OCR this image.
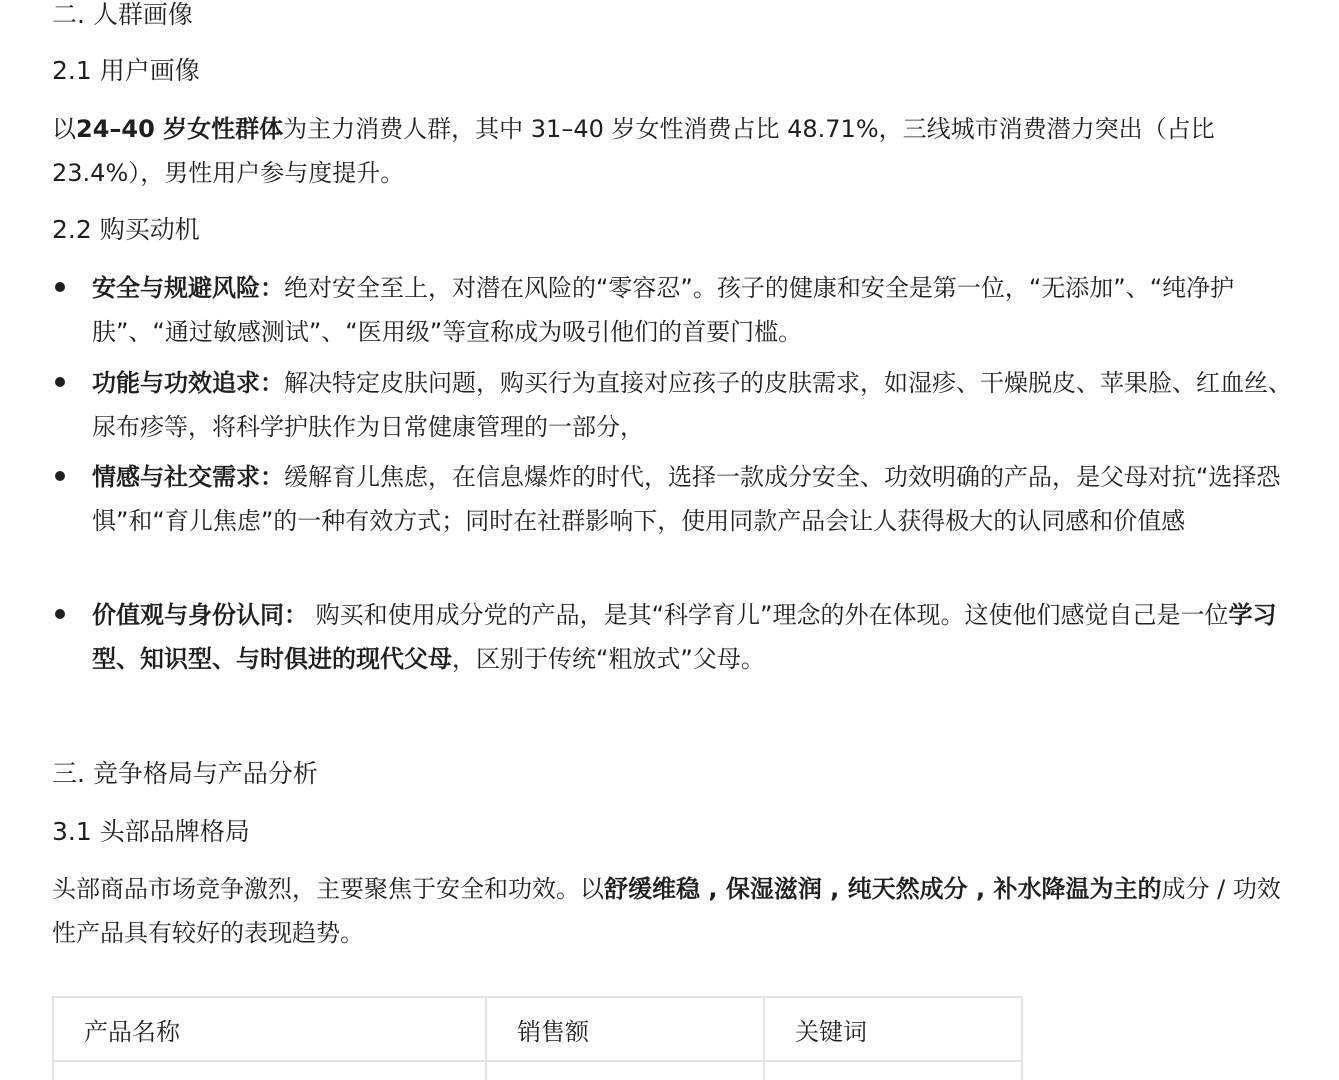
二. 人群画像
2.1 用户画像
以24–40 岁女性群体为主力消费人群，其中 31–40 岁女性消费占比 48.71%，三线城市消费潜力突出（占比 23.4%），男性用户参与度提升。
2.2 购买动机
安全与规避风险：绝对安全至上，对潜在风险的“零容忍”。孩子的健康和安全是第一位，“无添加”、“纯净护肤”、“通过敏感测试”、“医用级”等宣称成为吸引他们的首要门槛。
功能与功效追求：解决特定皮肤问题，购买行为直接对应孩子的皮肤需求，如湿疹、干燥脱皮、苹果脸、红血丝、尿布疹等，将科学护肤作为日常健康管理的一部分，
情感与社交需求：缓解育儿焦虑，在信息爆炸的时代，选择一款成分安全、功效明确的产品，是父母对抗“选择恐惧”和“育儿焦虑”的一种有效方式；同时在社群影响下，使用同款产品会让人获得极大的认同感和价值感
价值观与身份认同： 购买和使用成分党的产品，是其“科学育儿”理念的外在体现。这使他们感觉自己是一位学习型、知识型、与时俱进的现代父母，区别于传统“粗放式”父母。
三. 竞争格局与产品分析
3.1 头部品牌格局
头部商品市场竞争激烈，主要聚焦于安全和功效。以舒缓维稳 , 保湿滋润 , 纯天然成分 , 补水降温为主的成分 / 功效性产品具有较好的表现趋势。
产品名称	销售额	关键词
